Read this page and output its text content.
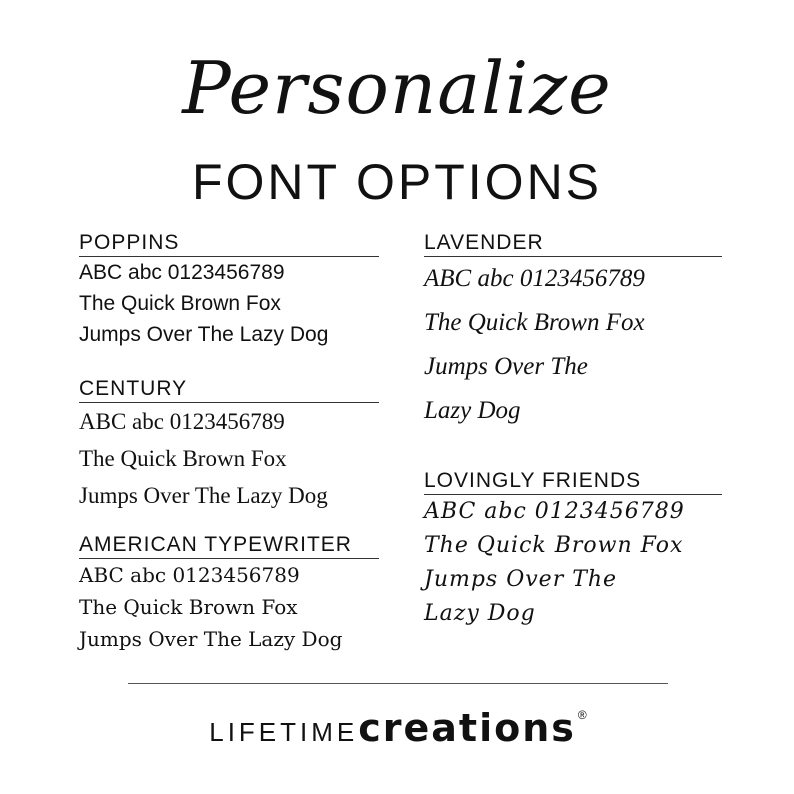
Personalize
FONT OPTIONS
POPPINS
ABC abc 0123456789
The Quick Brown Fox
Jumps Over The Lazy Dog
CENTURY
ABC abc 0123456789
The Quick Brown Fox
Jumps Over The Lazy Dog
AMERICAN TYPEWRITER
ABC abc 0123456789
The Quick Brown Fox
Jumps Over The Lazy Dog
LAVENDER
ABC abc 0123456789
The Quick Brown Fox
Jumps Over The
Lazy Dog
LOVINGLY FRIENDS
ABC abc 0123456789
The Quick Brown Fox
Jumps Over The
Lazy Dog
LIFETIMEcreations ®
